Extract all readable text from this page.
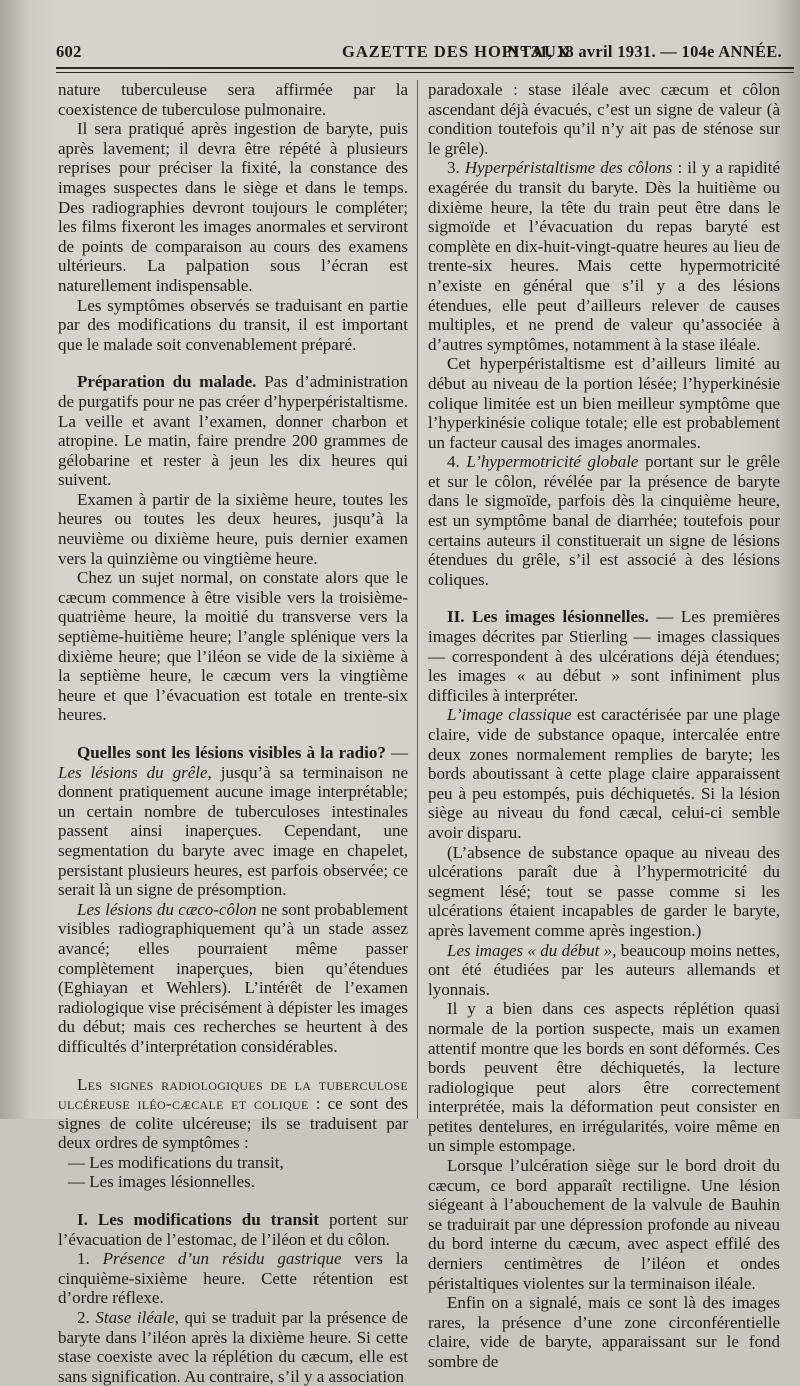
602	GAZETTE DES HOPITAUX
N° 31, 18 avril 1931. — 104e ANNÉE.

nature tuberculeuse sera affirmée par la coexistence de tuberculose pulmonaire.

Il sera pratiqué après ingestion de baryte, puis après lavement; il devra être répété à plusieurs reprises pour préciser la fixité, la constance des images suspectes dans le siège et dans le temps. Des radiographies devront toujours le compléter; les films fixeront les images anormales et serviront de points de comparaison au cours des examens ultérieurs. La palpation sous l’écran est naturellement indispensable.

Les symptômes observés se traduisant en partie par des modifications du transit, il est important que le malade soit convenablement préparé.

Préparation du malade. Pas d’administration de purgatifs pour ne pas créer d’hyperpéristaltisme. La veille et avant l’examen, donner charbon et atropine. Le matin, faire prendre 200 grammes de gélobarine et rester à jeun les dix heures qui suivent.

Examen à partir de la sixième heure, toutes les heures ou toutes les deux heures, jusqu’à la neuvième ou dixième heure, puis dernier examen vers la quinzième ou vingtième heure.

Chez un sujet normal, on constate alors que le cæcum commence à être visible vers la troisième-quatrième heure, la moitié du transverse vers la septième-huitième heure; l’angle splénique vers la dixième heure; que l’iléon se vide de la sixième à la septième heure, le cæcum vers la vingtième heure et que l’évacuation est totale en trente-six heures.

Quelles sont les lésions visibles à la radio? — Les lésions du grêle, jusqu’à sa terminaison ne donnent pratiquement aucune image interprétable; un certain nombre de tuberculoses intestinales passent ainsi inaperçues. Cependant, une segmentation du baryte avec image en chapelet, persistant plusieurs heures, est parfois observée; ce serait là un signe de présomption.

Les lésions du cæco-côlon ne sont probablement visibles radiographiquement qu’à un stade assez avancé; elles pourraient même passer complètement inaperçues, bien qu’étendues (Eghiayan et Wehlers). L’intérêt de l’examen radiologique vise précisément à dépister les images du début; mais ces recherches se heurtent à des difficultés d’interprétation considérables.

Les signes radiologiques de la tuberculose ulcéreuse iléo-cæcale et colique : ce sont des signes de colite ulcéreuse; ils se traduisent par deux ordres de symptômes :

— Les modifications du transit,

— Les images lésionnelles.

I. Les modifications du transit portent sur l’évacuation de l’estomac, de l’iléon et du côlon.

1. Présence d’un résidu gastrique vers la cinquième-sixième heure. Cette rétention est d’ordre réflexe.

2. Stase iléale, qui se traduit par la présence de baryte dans l’iléon après la dixième heure. Si cette stase coexiste avec la réplétion du cæcum, elle est sans signification. Au contraire, s’il y a association

paradoxale : stase iléale avec cæcum et côlon ascendant déjà évacués, c’est un signe de valeur (à condition toutefois qu’il n’y ait pas de sténose sur le grêle).

3. Hyperpéristaltisme des côlons : il y a rapidité exagérée du transit du baryte. Dès la huitième ou dixième heure, la tête du train peut être dans le sigmoïde et l’évacuation du repas baryté est complète en dix-huit-vingt-quatre heures au lieu de trente-six heures. Mais cette hypermotricité n’existe en général que s’il y a des lésions étendues, elle peut d’ailleurs relever de causes multiples, et ne prend de valeur qu’associée à d’autres symptômes, notamment à la stase iléale.

Cet hyperpéristaltisme est d’ailleurs limité au début au niveau de la portion lésée; l’hyperkinésie colique limitée est un bien meilleur symptôme que l’hyperkinésie colique totale; elle est probablement un facteur causal des images anormales.

4. L’hypermotricité globale portant sur le grêle et sur le côlon, révélée par la présence de baryte dans le sigmoïde, parfois dès la cinquième heure, est un symptôme banal de diarrhée; toutefois pour certains auteurs il constituerait un signe de lésions étendues du grêle, s’il est associé à des lésions coliques.

II. Les images lésionnelles. — Les premières images décrites par Stierling — images classiques — correspondent à des ulcérations déjà étendues; les images « au début » sont infiniment plus difficiles à interpréter.

L’image classique est caractérisée par une plage claire, vide de substance opaque, intercalée entre deux zones normalement remplies de baryte; les bords aboutissant à cette plage claire apparaissent peu à peu estompés, puis déchiquetés. Si la lésion siège au niveau du fond cæcal, celui-ci semble avoir disparu.

(L’absence de substance opaque au niveau des ulcérations paraît due à l’hypermotricité du segment lésé; tout se passe comme si les ulcérations étaient incapables de garder le baryte, après lavement comme après ingestion.)

Les images « du début », beaucoup moins nettes, ont été étudiées par les auteurs allemands et lyonnais.

Il y a bien dans ces aspects réplétion quasi normale de la portion suspecte, mais un examen attentif montre que les bords en sont déformés. Ces bords peuvent être déchiquetés, la lecture radiologique peut alors être correctement interprétée, mais la déformation peut consister en petites dentelures, en irrégularités, voire même en un simple estompage.

Lorsque l’ulcération siège sur le bord droit du cæcum, ce bord apparaît rectiligne. Une lésion siégeant à l’abouchement de la valvule de Bauhin se traduirait par une dépression profonde au niveau du bord interne du cæcum, avec aspect effilé des derniers centimètres de l’iléon et ondes péristaltiques violentes sur la terminaison iléale.

Enfin on a signalé, mais ce sont là des images rares, la présence d’une zone circonférentielle claire, vide de baryte, apparaissant sur le fond sombre de
